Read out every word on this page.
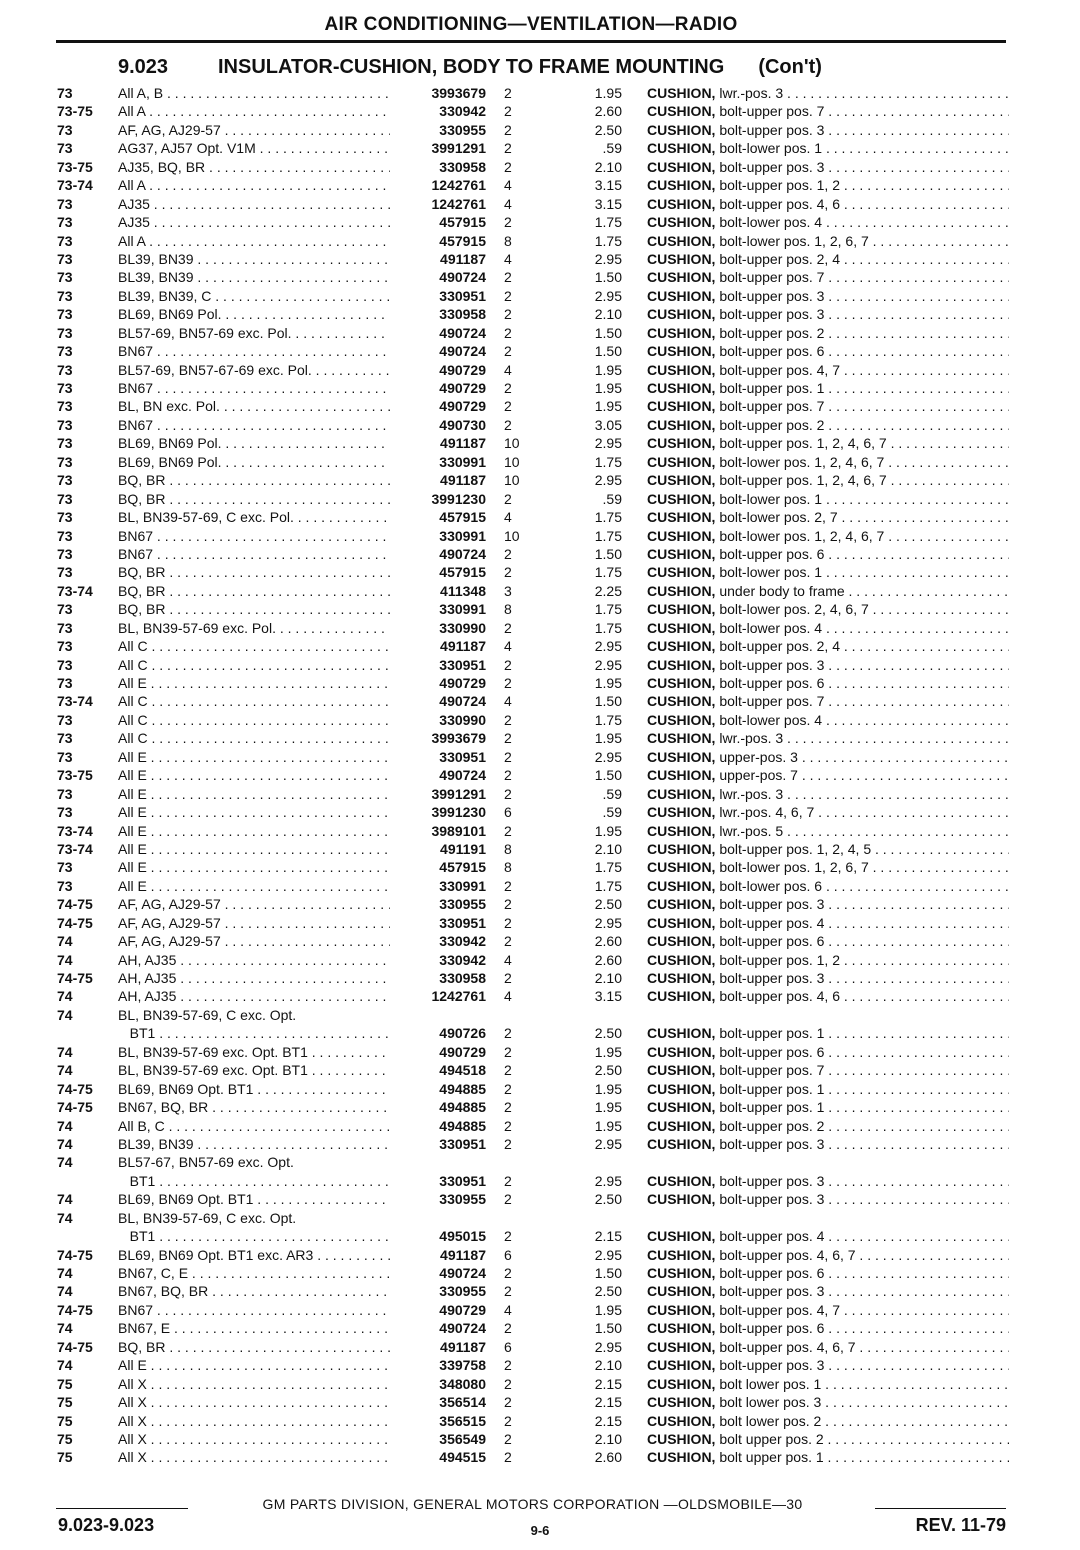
AIR CONDITIONING—VENTILATION—RADIO
9.023 INSULATOR-CUSHION, BODY TO FRAME MOUNTING (Con't)
73	All A, B . . .	3993679 2	1.95 CUSHION, lwr.-pos. 3 . . .
73-75 All A . . .	330942 2	2.60 CUSHION, bolt-upper pos. 7 . . .
73	AF, AG, AJ29-57 . . .	330955 2	2.50 CUSHION, bolt-upper pos. 3 . . .
73	AG37, AJ57 Opt. V1M . . .	3991291 2	.59 CUSHION, bolt-lower pos. 1 . . .
73-75 AJ35, BQ, BR . . .	330958 2	2.10 CUSHION, bolt-upper pos. 3 . . .
73-74 All A . . .	1242761 4	3.15 CUSHION, bolt-upper pos. 1, 2 . . .
73	AJ35 . . .	1242761 4	3.15 CUSHION, bolt-upper pos. 4, 6 . . .
73	AJ35 . . .	457915 2	1.75 CUSHION, bolt-lower pos. 4 . . .
73	All A . . .	457915 8	1.75 CUSHION, bolt-lower pos. 1, 2, 6, 7 . . .
73	BL39, BN39 . . .	491187 4	2.95 CUSHION, bolt-upper pos. 2, 4 . . .
73	BL39, BN39 . . .	490724 2	1.50 CUSHION, bolt-upper pos. 7 . . .
73	BL39, BN39, C . . .	330951 2	2.95 CUSHION, bolt-upper pos. 3 . . .
73	BL69, BN69 Pol. . . .	330958 2	2.10 CUSHION, bolt-upper pos. 3 . . .
73	BL57-69, BN57-69 exc. Pol. . . .	490724 2	1.50 CUSHION, bolt-upper pos. 2 . . .
73	BN67 . . .	490724 2	1.50 CUSHION, bolt-upper pos. 6 . . .
73	BL57-69, BN57-67-69 exc. Pol. . . .	490729 4	1.95 CUSHION, bolt-upper pos. 4, 7 . . .
73	BN67 . . .	490729 2	1.95 CUSHION, bolt-upper pos. 1 . . .
73	BL, BN exc. Pol. . . .	490729 2	1.95 CUSHION, bolt-upper pos. 7 . . .
73	BN67 . . .	490730 2	3.05 CUSHION, bolt-upper pos. 2 . . .
73	BL69, BN69 Pol. . . .	491187 10	2.95 CUSHION, bolt-upper pos. 1, 2, 4, 6, 7 . . .
73	BL69, BN69 Pol. . . .	330991 10	1.75 CUSHION, bolt-lower pos. 1, 2, 4, 6, 7 . . .
73	BQ, BR . . .	491187 10	2.95 CUSHION, bolt-upper pos. 1, 2, 4, 6, 7 . . .
73	BQ, BR . . .	3991230 2	.59 CUSHION, bolt-lower pos. 1 . . .
73	BL, BN39-57-69, C exc. Pol. . . .	457915 4	1.75 CUSHION, bolt-lower pos. 2, 7 . . .
73	BN67 . . .	330991 10	1.75 CUSHION, bolt-lower pos. 1, 2, 4, 6, 7 . . .
73	BN67 . . .	490724 2	1.50 CUSHION, bolt-upper pos. 6 . . .
73	BQ, BR . . .	457915 2	1.75 CUSHION, bolt-lower pos. 1 . . .
73-74 BQ, BR . . .	411348 3	2.25 CUSHION, under body to frame . . .
73	BQ, BR . . .	330991 8	1.75 CUSHION, bolt-lower pos. 2, 4, 6, 7 . . .
73	BL, BN39-57-69 exc. Pol. . . .	330990 2	1.75 CUSHION, bolt-lower pos. 4 . . .
73	All C . . .	491187 4	2.95 CUSHION, bolt-upper pos. 2, 4 . . .
73	All C . . .	330951 2	2.95 CUSHION, bolt-upper pos. 3 . . .
73	All E . . .	490729 2	1.95 CUSHION, bolt-upper pos. 6 . . .
73-74 All C . . .	490724 4	1.50 CUSHION, bolt-upper pos. 7 . . .
73	All C . . .	330990 2	1.75 CUSHION, bolt-lower pos. 4 . . .
73	All C . . .	3993679 2	1.95 CUSHION, lwr.-pos. 3 . . .
73	All E . . .	330951 2	2.95 CUSHION, upper-pos. 3 . . .
73-75 All E . . .	490724 2	1.50 CUSHION, upper-pos. 7 . . .
73	All E . . .	3991291 2	.59 CUSHION, lwr.-pos. 3 . . .
73	All E . . .	3991230 6	.59 CUSHION, lwr.-pos. 4, 6, 7 . . .
73-74 All E . . .	3989101 2	1.95 CUSHION, lwr.-pos. 5 . . .
73-74 All E . . .	491191 8	2.10 CUSHION, bolt-upper pos. 1, 2, 4, 5 . . .
73	All E . . .	457915 8	1.75 CUSHION, bolt-lower pos. 1, 2, 6, 7 . . .
73	All E . . .	330991 2	1.75 CUSHION, bolt-lower pos. 6 . . .
74-75 AF, AG, AJ29-57 . . .	330955 2	2.50 CUSHION, bolt-upper pos. 3 . . .
74-75 AF, AG, AJ29-57 . . .	330951 2	2.95 CUSHION, bolt-upper pos. 4 . . .
74	AF, AG, AJ29-57 . . .	330942 2	2.60 CUSHION, bolt-upper pos. 6 . . .
74	AH, AJ35 . . .	330942 4	2.60 CUSHION, bolt-upper pos. 1, 2 . . .
74-75 AH, AJ35 . . .	330958 2	2.10 CUSHION, bolt-upper pos. 3 . . .
74	AH, AJ35 . . .	1242761 4	3.15 CUSHION, bolt-upper pos. 4, 6 . . .
74	BL, BN39-57-69, C exc. Opt.
BT1 . . .	490726 2	2.50 CUSHION, bolt-upper pos. 1 . . .
74	BL, BN39-57-69 exc. Opt. BT1 . . .	490729 2	1.95 CUSHION, bolt-upper pos. 6 . . .
74	BL, BN39-57-69 exc. Opt. BT1 . . .	494518 2	2.50 CUSHION, bolt-upper pos. 7 . . .
74-75 BL69, BN69 Opt. BT1 . . .	494885 2	1.95 CUSHION, bolt-upper pos. 1 . . .
74-75 BN67, BQ, BR . . .	494885 2	1.95 CUSHION, bolt-upper pos. 1 . . .
74	All B, C . . .	494885 2	1.95 CUSHION, bolt-upper pos. 2 . . .
74	BL39, BN39 . . .	330951 2	2.95 CUSHION, bolt-upper pos. 3 . . .
74	BL57-67, BN57-69 exc. Opt.
BT1 . . .	330951 2	2.95 CUSHION, bolt-upper pos. 3 . . .
74	BL69, BN69 Opt. BT1 . . .	330955 2	2.50 CUSHION, bolt-upper pos. 3 . . .
74	BL, BN39-57-69, C exc. Opt.
BT1 . . .	495015 2	2.15 CUSHION, bolt-upper pos. 4 . . .
74-75 BL69, BN69 Opt. BT1 exc. AR3 . . .	491187 6	2.95 CUSHION, bolt-upper pos. 4, 6, 7 . . .
74	BN67, C, E . . .	490724 2	1.50 CUSHION, bolt-upper pos. 6 . . .
74	BN67, BQ, BR . . .	330955 2	2.50 CUSHION, bolt-upper pos. 3 . . .
74-75 BN67 . . .	490729 4	1.95 CUSHION, bolt-upper pos. 4, 7 . . .
74	BN67, E . . .	490724 2	1.50 CUSHION, bolt-upper pos. 6 . . .
74-75 BQ, BR . . .	491187 6	2.95 CUSHION, bolt-upper pos. 4, 6, 7 . . .
74	All E . . .	339758 2	2.10 CUSHION, bolt-upper pos. 3 . . .
75	All X . . .	348080 2	2.15 CUSHION, bolt lower pos. 1 . . .
75	All X . . .	356514 2	2.15 CUSHION, bolt lower pos. 3 . . .
75	All X . . .	356515 2	2.15 CUSHION, bolt lower pos. 2 . . .
75	All X . . .	356549 2	2.10 CUSHION, bolt upper pos. 2 . . .
75	All X . . .	494515 2	2.60 CUSHION, bolt upper pos. 1 . . .
GM PARTS DIVISION, GENERAL MOTORS CORPORATION —OLDSMOBILE—30
9.023-9.023	9-6	REV. 11-79
